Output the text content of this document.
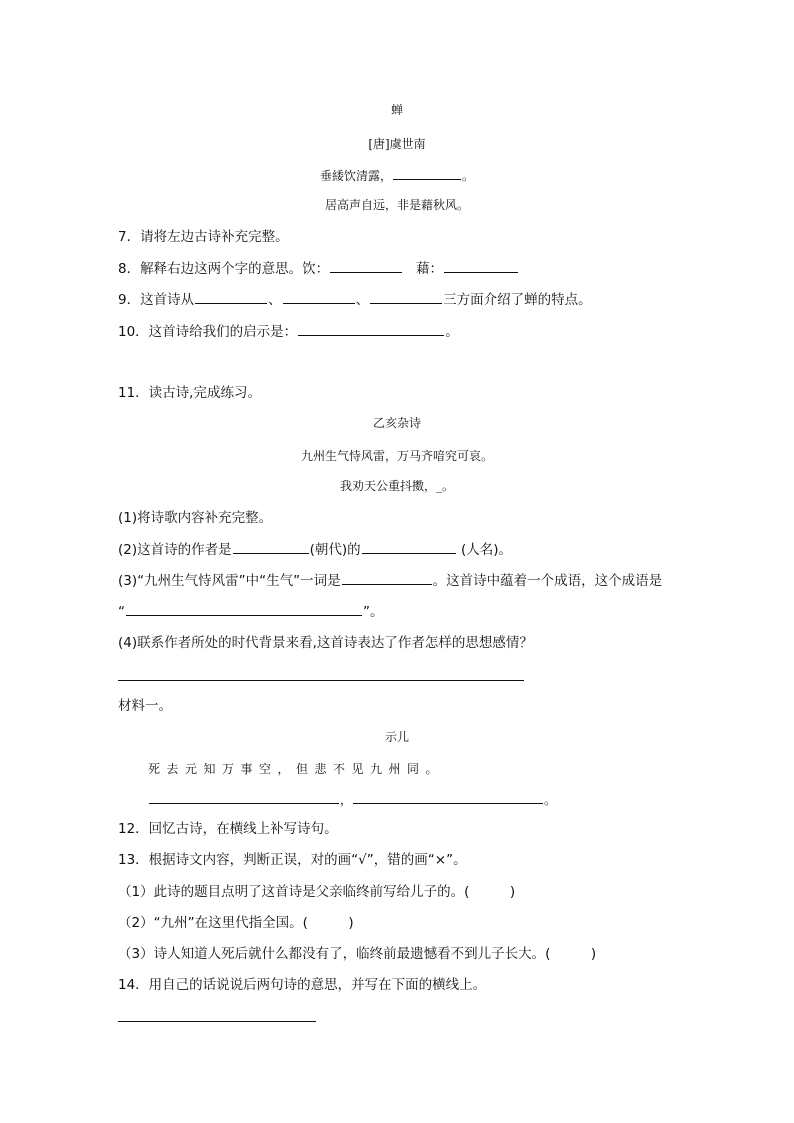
蝉
[唐]虞世南
垂緌饮清露，	。
居高声自远，非是藉秋风。
7．请将左边古诗补充完整。
8．解释右边这两个字的意思。饮：	藉：
9．这首诗从	、	、	三方面介绍了蝉的特点。
10．这首诗给我们的启示是：	。
11．读古诗,完成练习。
乙亥杂诗
九州生气恃风雷，万马齐喑究可哀。
我劝天公重抖擞，_。
(1)将诗歌内容补充完整。
(2)这首诗的作者是	(朝代)的	(人名)。
(3)“九州生气恃风雷”中“生气”一词是	。这首诗中蕴着一个成语，这个成语是
“	”。
(4)联系作者所处的时代背景来看,这首诗表达了作者怎样的思想感情？
材料一。
示儿
死去元知万事空，但悲不见九州同。
，	。
12．回忆古诗，在横线上补写诗句。
13．根据诗文内容，判断正误，对的画“√”，错的画“×”。
（1）此诗的题目点明了这首诗是父亲临终前写给儿子的。(　　　)
（2）“九州”在这里代指全国。(　　　)
（3）诗人知道人死后就什么都没有了，临终前最遗憾看不到儿子长大。(　　　)
14．用自己的话说说后两句诗的意思，并写在下面的横线上。
